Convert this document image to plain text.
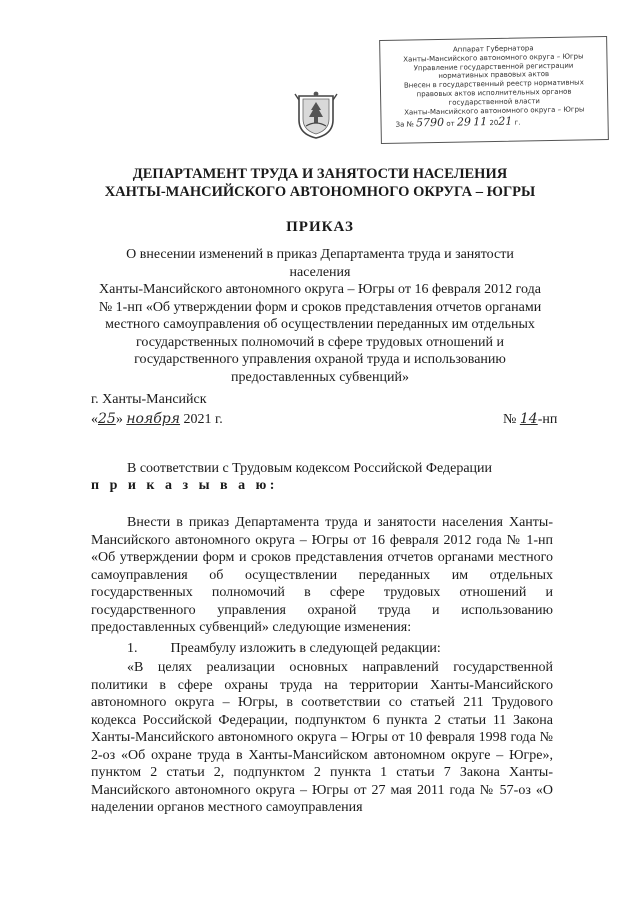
Аппарат Губернатора
Ханты-Мансийского автономного округа – Югры
Управление государственной регистрации
нормативных правовых актов
Внесен в государственный реестр нормативных
правовых актов исполнительных органов
государственной власти
Ханты-Мансийского автономного округа – Югры
За № 5790 от 29 11 2021 г.
ДЕПАРТАМЕНТ ТРУДА И ЗАНЯТОСТИ НАСЕЛЕНИЯ
ХАНТЫ-МАНСИЙСКОГО АВТОНОМНОГО ОКРУГА – ЮГРЫ
ПРИКАЗ
О внесении изменений в приказ Департамента труда и занятости населения
Ханты-Мансийского автономного округа – Югры от 16 февраля 2012 года
№ 1-нп «Об утверждении форм и сроков представления отчетов органами
местного самоуправления об осуществлении переданных им отдельных
государственных полномочий в сфере трудовых отношений и
государственного управления охраной труда и использованию
предоставленных субвенций»
г. Ханты-Мансийск
«25» ноября 2021 г.	№ 14-нп
В соответствии с Трудовым кодексом Российской Федерации
п р и к а з ы в а ю:
Внести в приказ Департамента труда и занятости населения Ханты-Мансийского автономного округа – Югры от 16 февраля 2012 года № 1-нп «Об утверждении форм и сроков представления отчетов органами местного самоуправления об осуществлении переданных им отдельных государственных полномочий в сфере трудовых отношений и государственного управления охраной труда и использованию предоставленных субвенций» следующие изменения:
1. Преамбулу изложить в следующей редакции:
«В целях реализации основных направлений государственной политики в сфере охраны труда на территории Ханты-Мансийского автономного округа – Югры, в соответствии со статьей 211 Трудового кодекса Российской Федерации, подпунктом 6 пункта 2 статьи 11 Закона Ханты-Мансийского автономного округа – Югры от 10 февраля 1998 года № 2-оз «Об охране труда в Ханты-Мансийском автономном округе – Югре», пунктом 2 статьи 2, подпунктом 2 пункта 1 статьи 7 Закона Ханты-Мансийского автономного округа – Югры от 27 мая 2011 года № 57-оз «О наделении органов местного самоуправления
